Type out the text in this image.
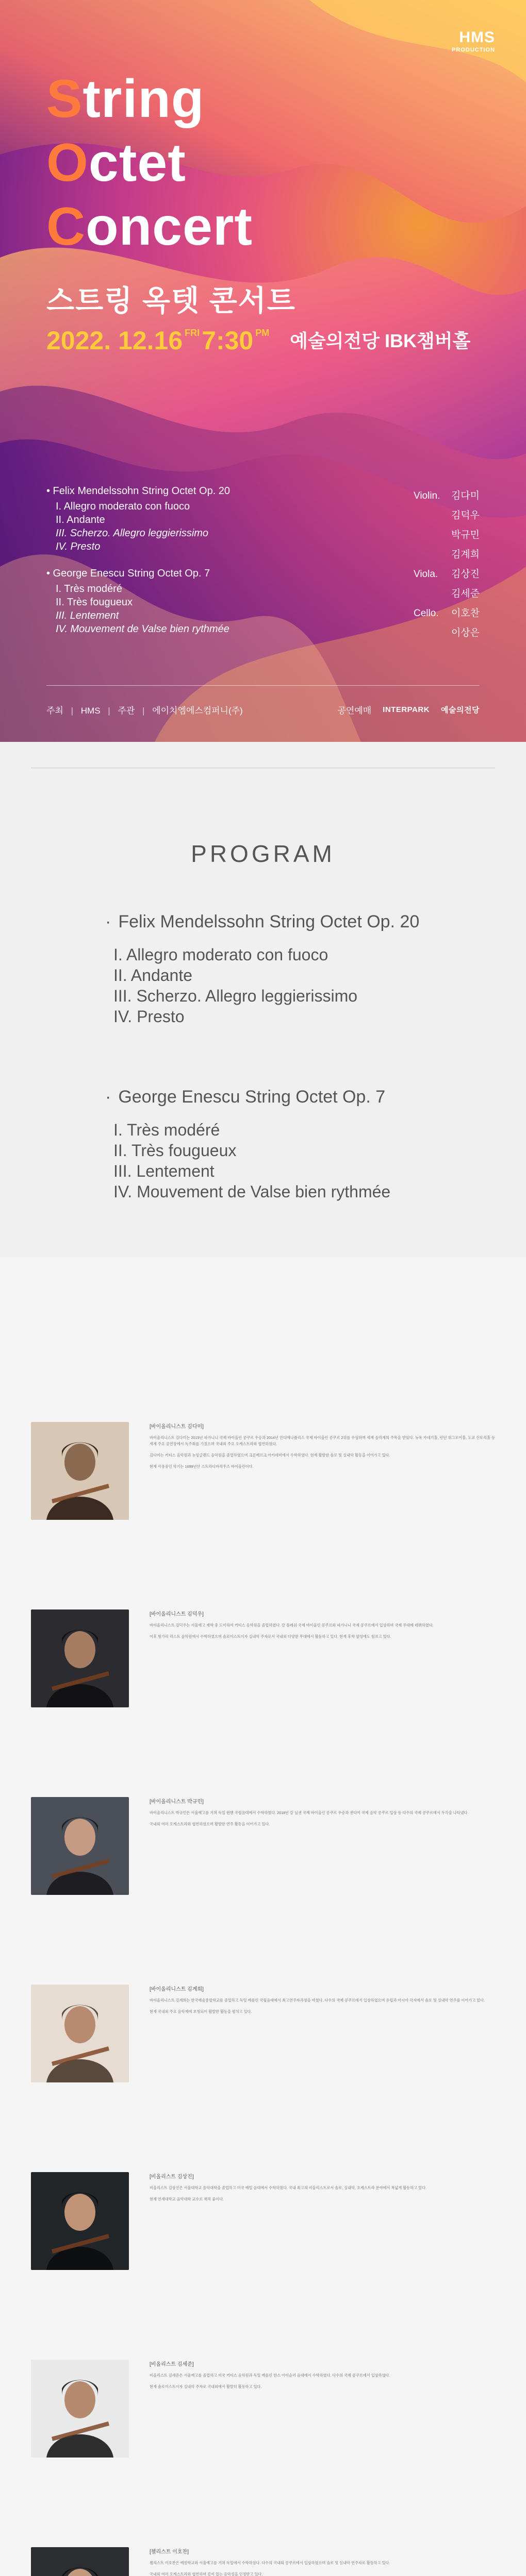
HMS
PRODUCTION
String
Octet
Concert
스트링 옥텟 콘서트
2022. 12.16 $^{FRI}$7:30 $^{PM}$ 예술의전당 IBK챔버홀
• Felix Mendelssohn String Octet Op. 20
I. Allegro moderato con fuoco
II. Andante
III. Scherzo. Allegro leggierissimo
IV. Presto
• George Enescu String Octet Op. 7
I. Très modéré
II. Très fougueux
III. Lentement
IV. Mouvement de Valse bien rythmée
Violin. 김다미
김덕우
박규민
김계희
Viola. 김상진
김세준
Cello. 이호찬
이상은
주최 | HMS | 주관 | 에이치엠에스컴퍼니(주)	공연예매 INTERPARK 예술의전당
PROGRAM
· Felix Mendelssohn String Octet Op. 20
I. Allegro moderato con fuoco
II. Andante
III. Scherzo. Allegro leggierissimo
IV. Presto
· George Enescu String Octet Op. 7
I. Très modéré
II. Très fougueux
III. Lentement
IV. Mouvement de Valse bien rythmée
[바이올리니스트 김다미]
바이올리니스트 김다미는 2015년 파가니니 국제 바이올린 콩쿠르 우승과 2014년 인디애나폴리스 국제 바이올린 콩쿠르 2위를 수상하며 세계 음악계의 주목을 받았다. 뉴욕 카네기홀, 런던 위그모어홀, 도쿄 산토리홀 등 세계 주요 공연장에서 독주회를 가졌으며 국내외 주요 오케스트라와 협연하였다.
김다미는 커티스 음악원과 뉴잉글랜드 음악원을 졸업하였으며 크론베르크 아카데미에서 수학하였다. 현재 활발한 솔로 및 실내악 활동을 이어가고 있다.
현재 사용중인 악기는 1699년산 스트라디바리우스 바이올린이다.
[바이올리니스트 김덕우]
바이올리니스트 김덕우는 서울예고 재학 중 도미하여 커티스 음악원을 졸업하였다. 칼 플레쉬 국제 바이올린 콩쿠르와 파가니니 국제 콩쿠르에서 입상하며 국제 무대에 데뷔하였다.
이후 헝가리 리스트 음악원에서 수학하였으며 솔로이스트이자 실내악 주자로서 국내외 다양한 무대에서 활동하고 있다. 현재 후학 양성에도 힘쓰고 있다.
[바이올리니스트 박규민]
바이올리니스트 박규민은 서울예고를 거쳐 독일 뮌헨 국립음대에서 수학하였다. 2018년 칼 닐센 국제 바이올린 콩쿠르 우승과 센다이 국제 음악 콩쿠르 입상 등 다수의 국제 콩쿠르에서 두각을 나타냈다.
국내외 여러 오케스트라와 협연하였으며 활발한 연주 활동을 이어가고 있다.
[바이올리니스트 김계희]
바이올리니스트 김계희는 한국예술종합학교를 졸업하고 독일 베를린 국립음대에서 최고연주자과정을 마쳤다. 다수의 국제 콩쿠르에서 입상하였으며 유럽과 아시아 각지에서 솔로 및 실내악 연주를 이어가고 있다.
현재 국내외 주요 음악제에 초청되어 활발한 활동을 펼치고 있다.
[비올리스트 김상진]
비올리스트 김상진은 서울대학교 음악대학을 졸업하고 미국 예일 음대에서 수학하였다. 국내 최고의 비올리스트로서 솔로, 실내악, 오케스트라 분야에서 폭넓게 활동하고 있다.
현재 연세대학교 음악대학 교수로 재직 중이다.
[비올리스트 김세준]
비올리스트 김세준은 서울예고를 졸업하고 미국 커티스 음악원과 독일 베를린 한스 아이슬러 음대에서 수학하였다. 다수의 국제 콩쿠르에서 입상하였다.
현재 솔로이스트이자 실내악 주자로 국내외에서 활발히 활동하고 있다.
[첼리스트 이호찬]
첼리스트 이호찬은 예원학교와 서울예고를 거쳐 독일에서 수학하였다. 다수의 국내외 콩쿠르에서 입상하였으며 솔로 및 실내악 연주자로 활동하고 있다.
국내외 여러 오케스트라와 협연하며 깊이 있는 음악성을 인정받고 있다.
